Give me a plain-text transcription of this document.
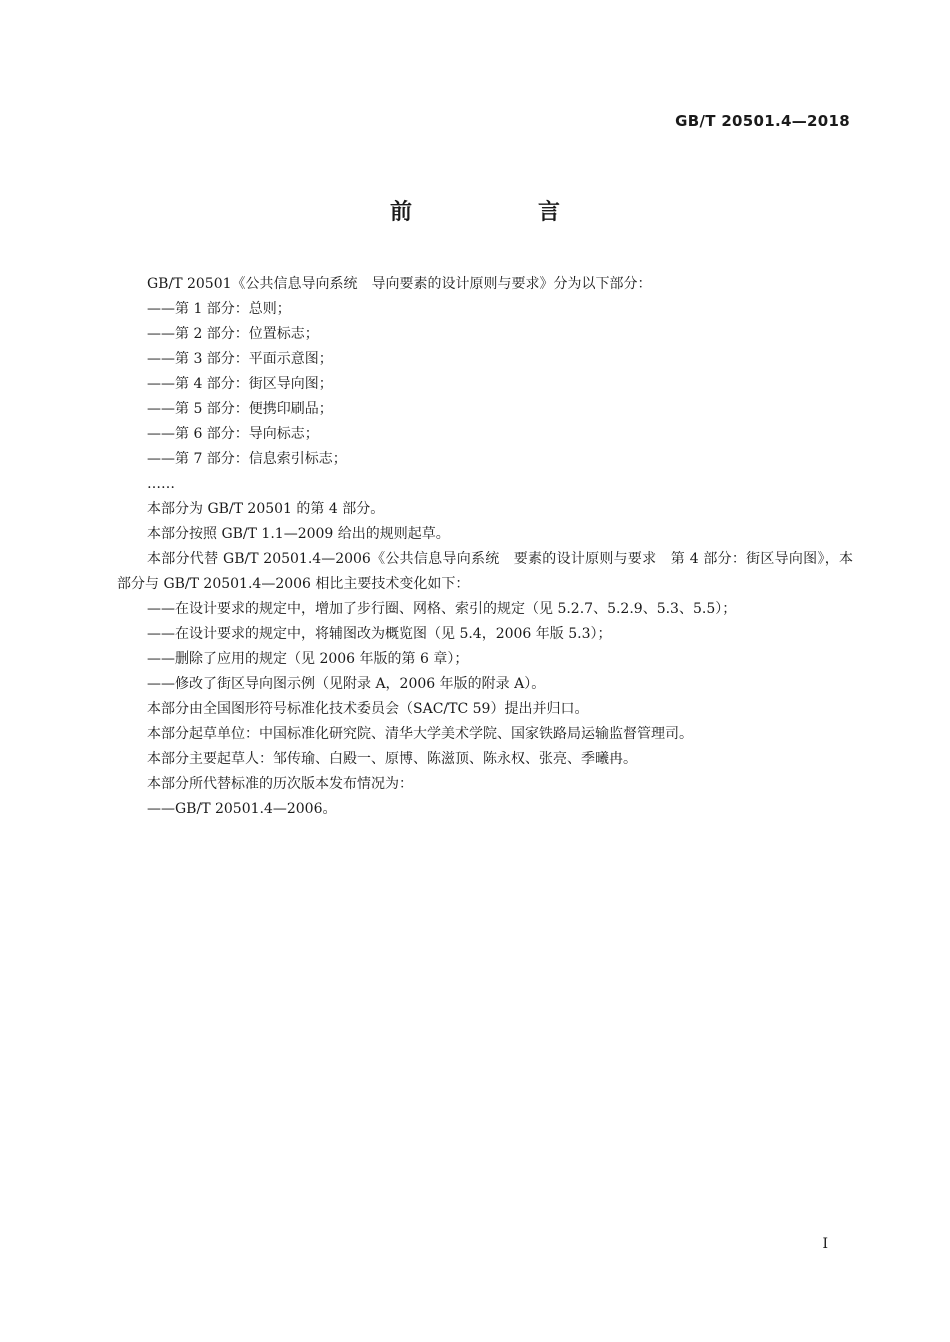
GB/T 20501.4—2018
前　言

GB/T 20501《公共信息导向系统　导向要素的设计原则与要求》分为以下部分：

——第 1 部分：总则；

——第 2 部分：位置标志；

——第 3 部分：平面示意图；

——第 4 部分：街区导向图；

——第 5 部分：便携印刷品；

——第 6 部分：导向标志；

——第 7 部分：信息索引标志；

……

本部分为 GB/T 20501 的第 4 部分。

本部分按照 GB/T 1.1—2009 给出的规则起草。

本部分代替 GB/T 20501.4—2006《公共信息导向系统　要素的设计原则与要求　第 4 部分：街区导向图》，本部分与 GB/T 20501.4—2006 相比主要技术变化如下：

——在设计要求的规定中，增加了步行圈、网格、索引的规定（见 5.2.7、5.2.9、5.3、5.5）；

——在设计要求的规定中，将辅图改为概览图（见 5.4，2006 年版 5.3）；

——删除了应用的规定（见 2006 年版的第 6 章）；

——修改了街区导向图示例（见附录 A，2006 年版的附录 A）。

本部分由全国图形符号标准化技术委员会（SAC/TC 59）提出并归口。

本部分起草单位：中国标准化研究院、清华大学美术学院、国家铁路局运输监督管理司。

本部分主要起草人：邹传瑜、白殿一、原博、陈滋顶、陈永权、张亮、季曦冉。

本部分所代替标准的历次版本发布情况为：

——GB/T 20501.4—2006。

I
